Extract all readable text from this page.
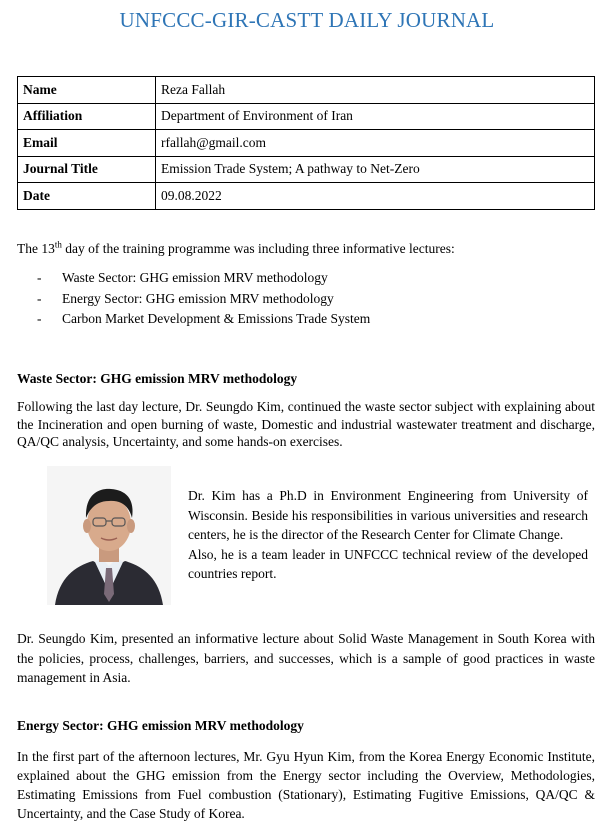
UNFCCC-GIR-CASTT DAILY JOURNAL
Name	Reza Fallah
Affiliation	Department of Environment of Iran
Email	rfallah@gmail.com
Journal Title	Emission Trade System; A pathway to Net-Zero
Date	09.08.2022
The 13th day of the training programme was including three informative lectures:
- Waste Sector: GHG emission MRV methodology
- Energy Sector: GHG emission MRV methodology
- Carbon Market Development & Emissions Trade System
Waste Sector: GHG emission MRV methodology
Following the last day lecture, Dr. Seungdo Kim, continued the waste sector subject with explaining about the Incineration and open burning of waste, Domestic and industrial wastewater treatment and discharge, QA/QC analysis, Uncertainty, and some hands-on exercises.
Dr. Kim has a Ph.D in Environment Engineering from University of Wisconsin. Beside his responsibilities in various universities and research centers, he is the director of the Research Center for Climate Change.
Also, he is a team leader in UNFCCC technical review of the developed countries report.
Dr. Seungdo Kim, presented an informative lecture about Solid Waste Management in South Korea with the policies, process, challenges, barriers, and successes, which is a sample of good practices in waste management in Asia.
Energy Sector: GHG emission MRV methodology
In the first part of the afternoon lectures, Mr. Gyu Hyun Kim, from the Korea Energy Economic Institute, explained about the GHG emission from the Energy sector including the Overview, Methodologies, Estimating Emissions from Fuel combustion (Stationary), Estimating Fugitive Emissions, QA/QC & Uncertainty, and the Case Study of Korea.
